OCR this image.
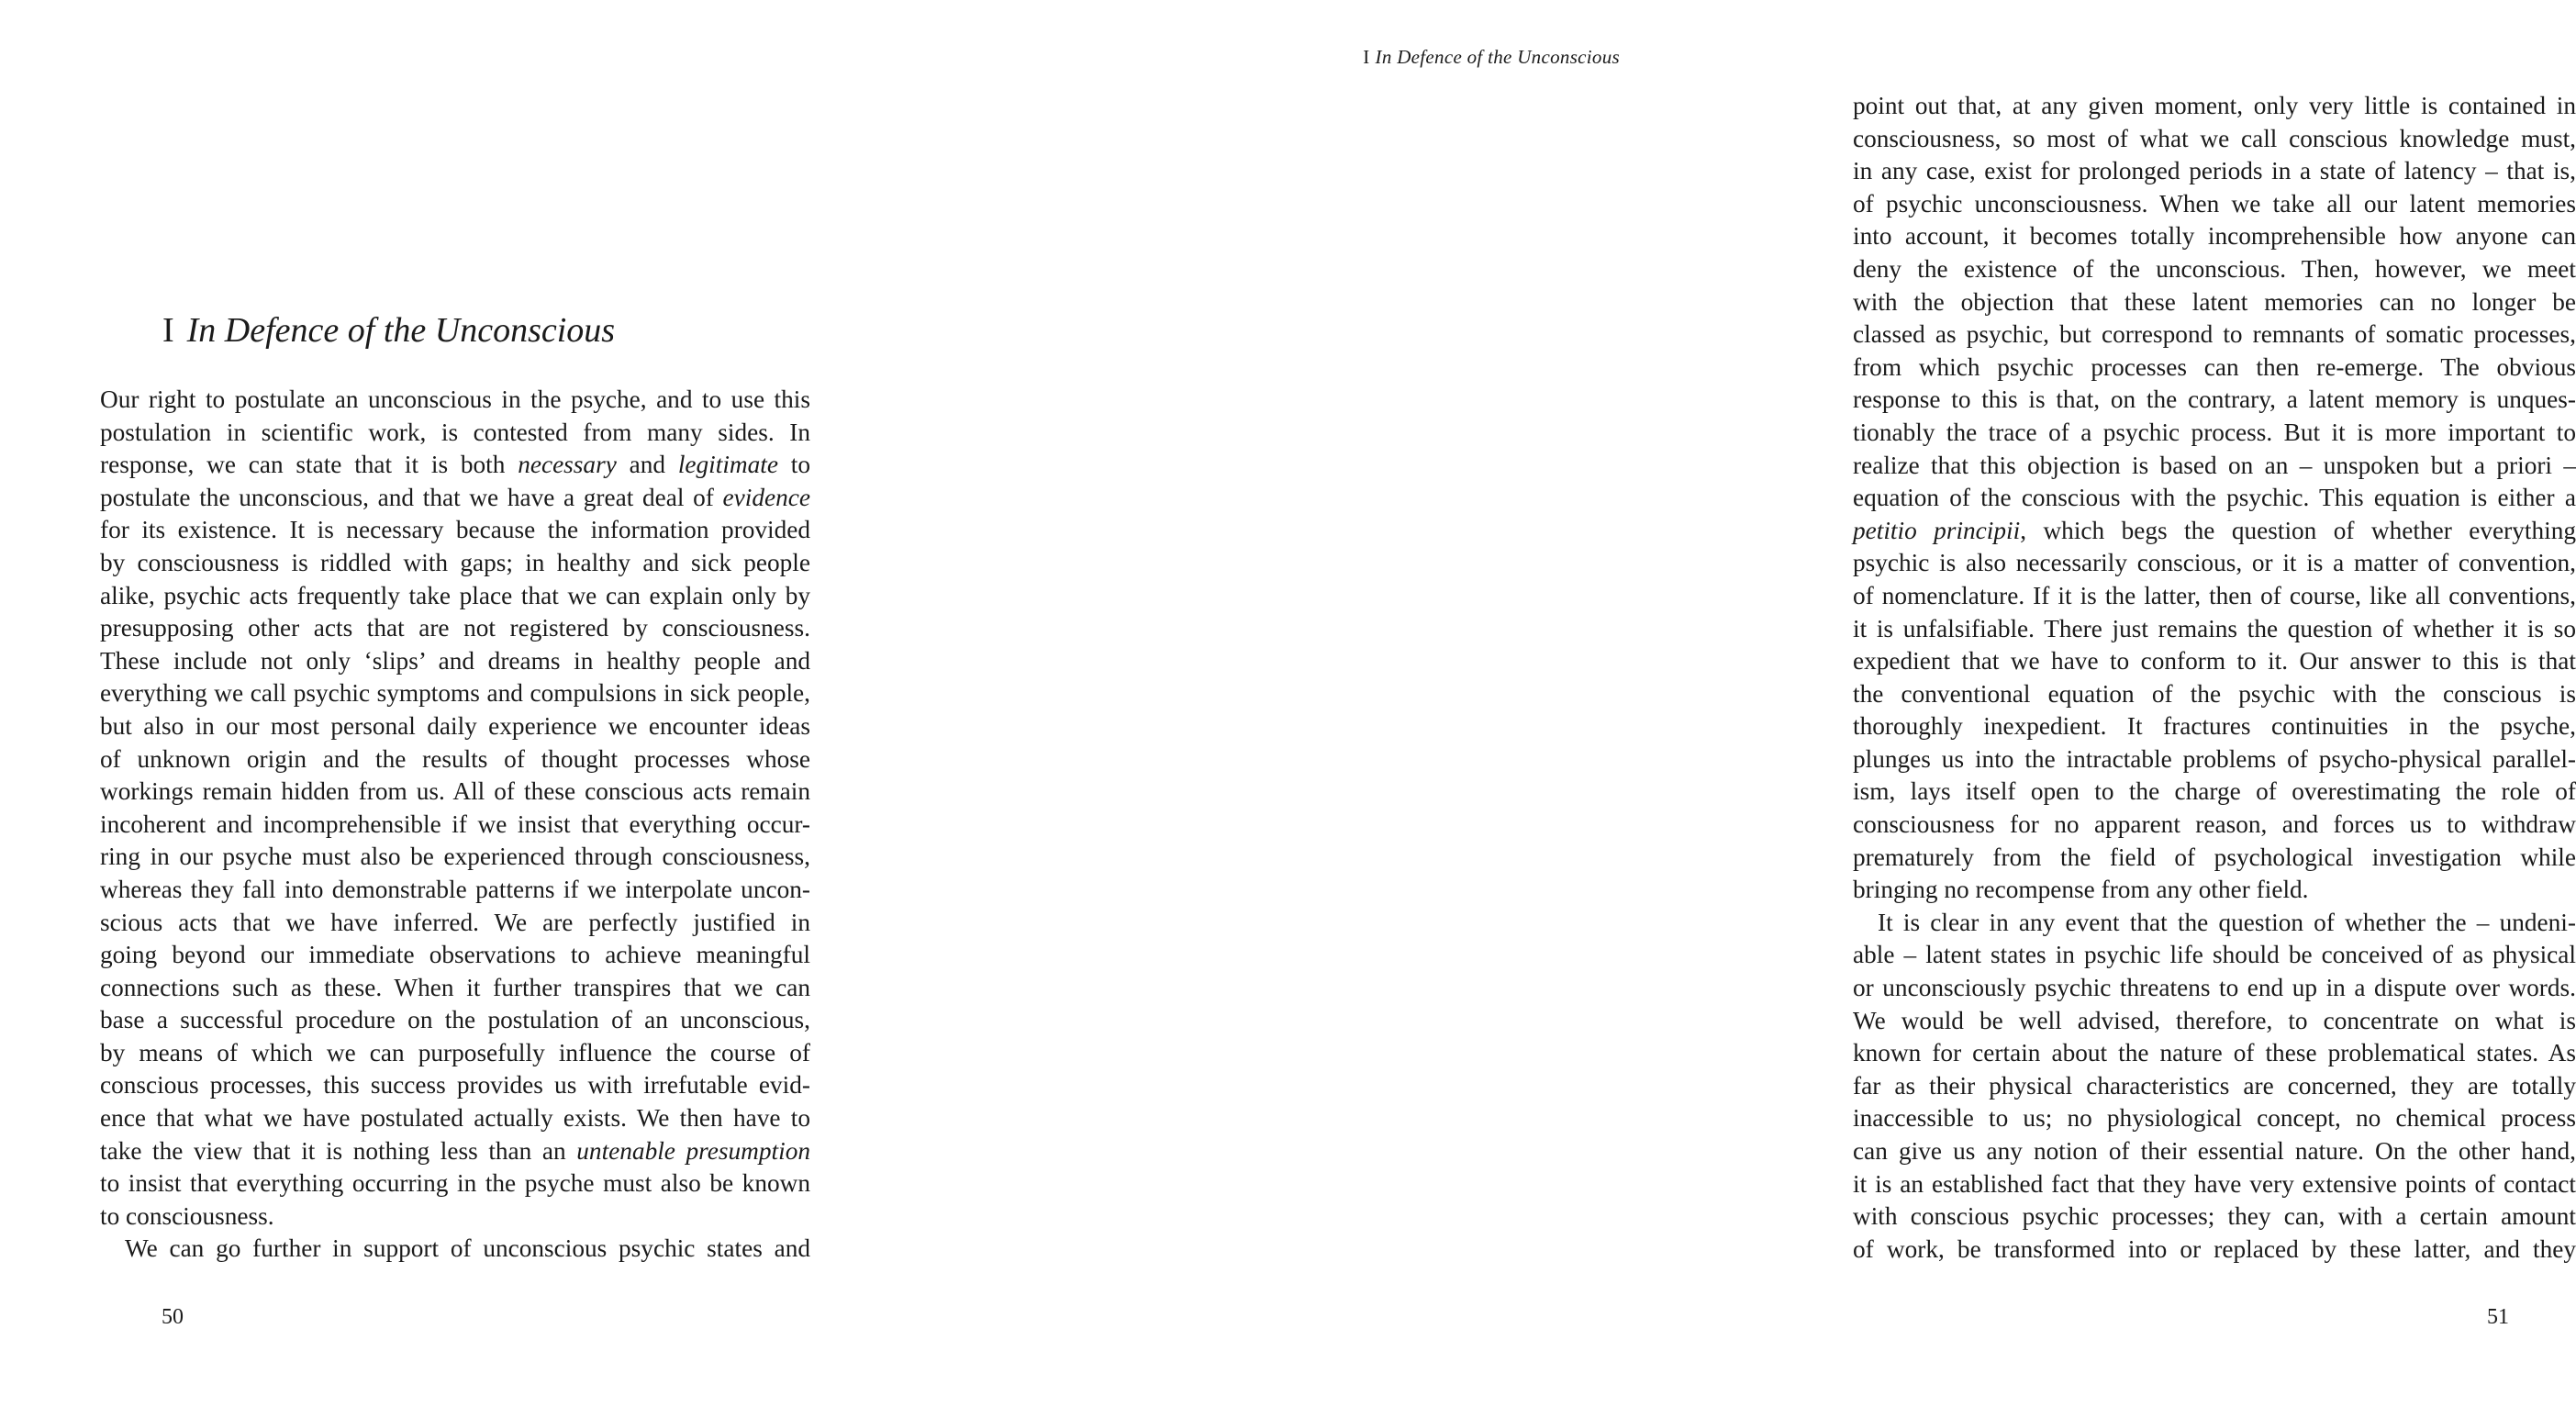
I In Defence of the Unconscious
Our right to postulate an unconscious in the psyche, and to use this
postulation in scientific work, is contested from many sides. In
response, we can state that it is both necessary and legitimate to
postulate the unconscious, and that we have a great deal of evidence
for its existence. It is necessary because the information provided
by consciousness is riddled with gaps; in healthy and sick people
alike, psychic acts frequently take place that we can explain only by
presupposing other acts that are not registered by consciousness.
These include not only ‘slips’ and dreams in healthy people and
everything we call psychic symptoms and compulsions in sick people,
but also in our most personal daily experience we encounter ideas
of unknown origin and the results of thought processes whose
workings remain hidden from us. All of these conscious acts remain
incoherent and incomprehensible if we insist that everything occur-
ring in our psyche must also be experienced through consciousness,
whereas they fall into demonstrable patterns if we interpolate uncon-
scious acts that we have inferred. We are perfectly justified in
going beyond our immediate observations to achieve meaningful
connections such as these. When it further transpires that we can
base a successful procedure on the postulation of an unconscious,
by means of which we can purposefully influence the course of
conscious processes, this success provides us with irrefutable evid-
ence that what we have postulated actually exists. We then have to
take the view that it is nothing less than an untenable presumption
to insist that everything occurring in the psyche must also be known
to consciousness.
We can go further in support of unconscious psychic states and
50
point out that, at any given moment, only very little is contained in
consciousness, so most of what we call conscious knowledge must,
in any case, exist for prolonged periods in a state of latency – that is,
of psychic unconsciousness. When we take all our latent memories
into account, it becomes totally incomprehensible how anyone can
deny the existence of the unconscious. Then, however, we meet
with the objection that these latent memories can no longer be
classed as psychic, but correspond to remnants of somatic processes,
from which psychic processes can then re-emerge. The obvious
response to this is that, on the contrary, a latent memory is unques-
tionably the trace of a psychic process. But it is more important to
realize that this objection is based on an – unspoken but a priori –
equation of the conscious with the psychic. This equation is either a
petitio principii, which begs the question of whether everything
psychic is also necessarily conscious, or it is a matter of convention,
of nomenclature. If it is the latter, then of course, like all conventions,
it is unfalsifiable. There just remains the question of whether it is so
expedient that we have to conform to it. Our answer to this is that
the conventional equation of the psychic with the conscious is
thoroughly inexpedient. It fractures continuities in the psyche,
plunges us into the intractable problems of psycho-physical parallel-
ism, lays itself open to the charge of overestimating the role of
consciousness for no apparent reason, and forces us to withdraw
prematurely from the field of psychological investigation while
bringing no recompense from any other field.
It is clear in any event that the question of whether the – undeni-
able – latent states in psychic life should be conceived of as physical
or unconsciously psychic threatens to end up in a dispute over words.
We would be well advised, therefore, to concentrate on what is
known for certain about the nature of these problematical states. As
far as their physical characteristics are concerned, they are totally
inaccessible to us; no physiological concept, no chemical process
can give us any notion of their essential nature. On the other hand,
it is an established fact that they have very extensive points of contact
with conscious psychic processes; they can, with a certain amount
of work, be transformed into or replaced by these latter, and they
51
I In Defence of the Unconscious
